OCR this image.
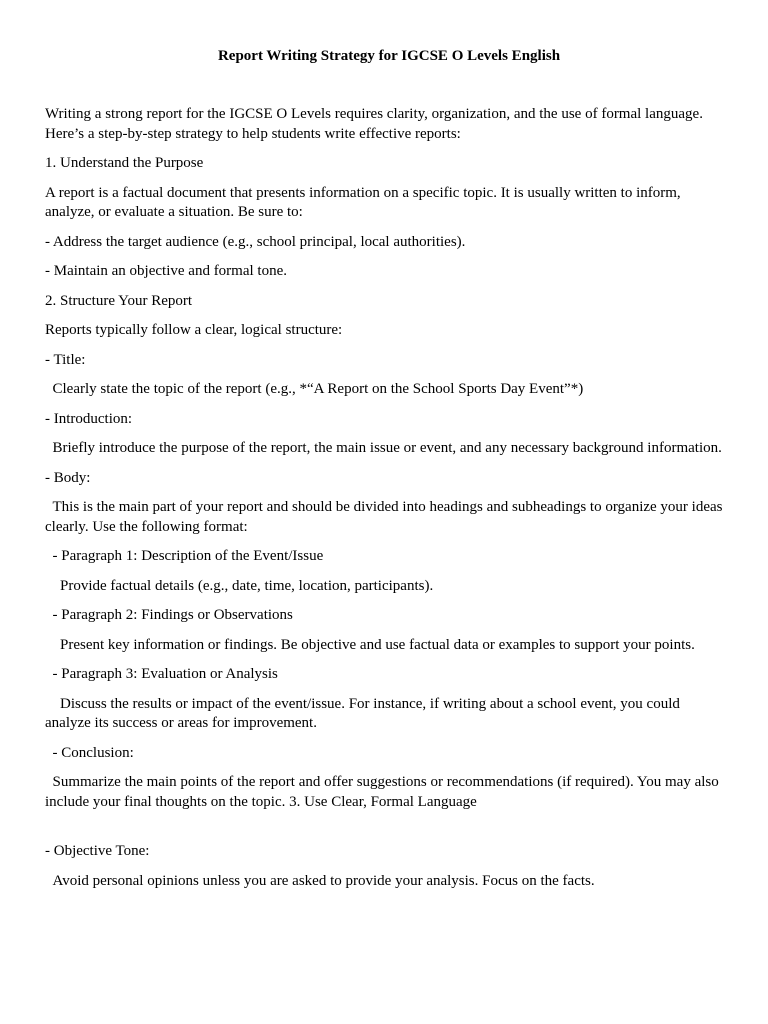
Report Writing Strategy for IGCSE O Levels English

Writing a strong report for the IGCSE O Levels requires clarity, organization, and the use of formal language. Here’s a step-by-step strategy to help students write effective reports:

1. Understand the Purpose

A report is a factual document that presents information on a specific topic. It is usually written to inform, analyze, or evaluate a situation. Be sure to:

- Address the target audience (e.g., school principal, local authorities).

- Maintain an objective and formal tone.

2. Structure Your Report

Reports typically follow a clear, logical structure:

- Title:

Clearly state the topic of the report (e.g., *“A Report on the School Sports Day Event”*)

- Introduction:

Briefly introduce the purpose of the report, the main issue or event, and any necessary background information.

- Body:

This is the main part of your report and should be divided into headings and subheadings to organize your ideas clearly. Use the following format:

- Paragraph 1: Description of the Event/Issue

Provide factual details (e.g., date, time, location, participants).

- Paragraph 2: Findings or Observations

Present key information or findings. Be objective and use factual data or examples to support your points.

- Paragraph 3: Evaluation or Analysis

Discuss the results or impact of the event/issue. For instance, if writing about a school event, you could analyze its success or areas for improvement.

- Conclusion:

Summarize the main points of the report and offer suggestions or recommendations (if required). You may also include your final thoughts on the topic. 3. Use Clear, Formal Language

- Objective Tone:

Avoid personal opinions unless you are asked to provide your analysis. Focus on the facts.
